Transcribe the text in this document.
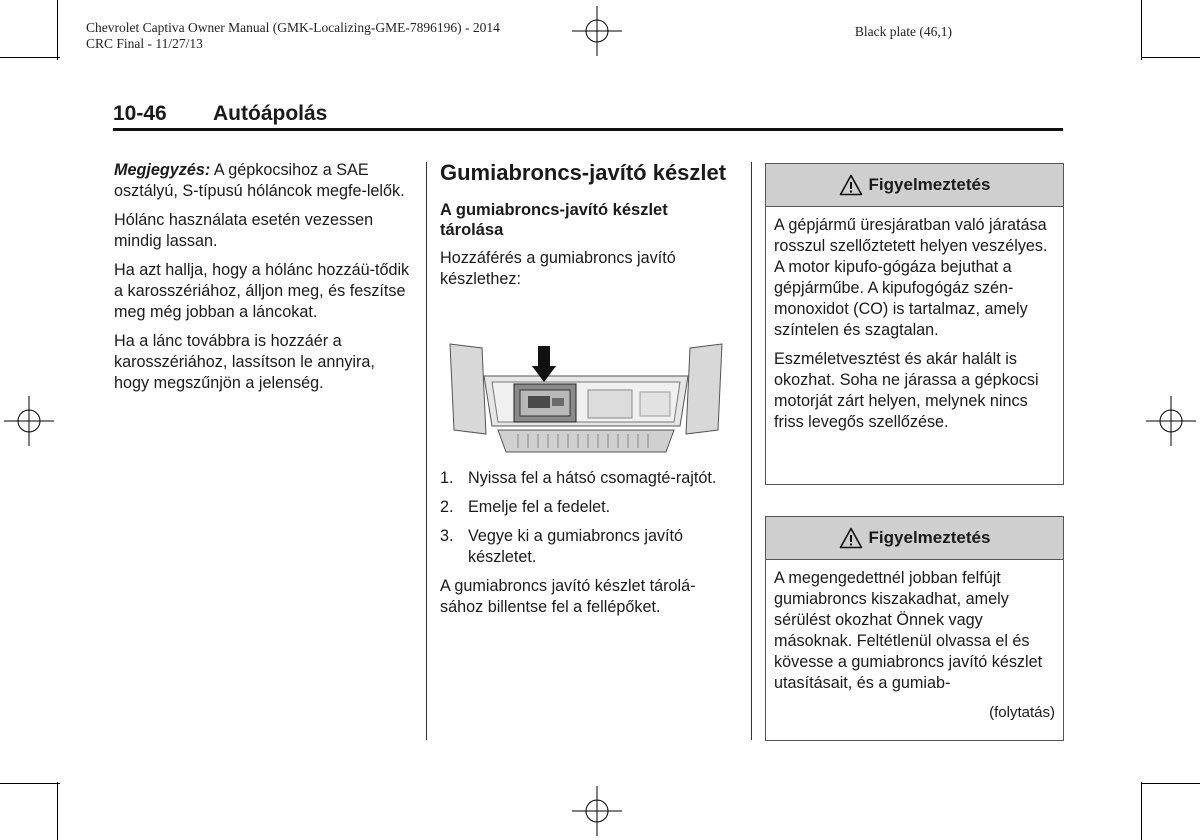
Chevrolet Captiva Owner Manual (GMK-Localizing-GME-7896196) - 2014
CRC Final - 11/27/13
Black plate (46,1)
10-46 Autóápolás

Megjegyzés: A gépkocsihoz a SAE osztályú, S-típusú hóláncok megfe-lelők.

Hólánc használata esetén vezessen mindig lassan.

Ha azt hallja, hogy a hólánc hozzáü-tődik a karosszériához, álljon meg, és feszítse meg még jobban a láncokat.

Ha a lánc továbbra is hozzáér a karosszériához, lassítson le annyira, hogy megszűnjön a jelenség.

Gumiabroncs-javító készlet
A gumiabroncs-javító készlet tárolása

Hozzáférés a gumiabroncs javító készlethez:

1. Nyissa fel a hátsó csomagté-rajtót.
2. Emelje fel a fedelet.
3. Vegye ki a gumiabroncs javító készletet.

A gumiabroncs javító készlet tárolá-sához billentse fel a fellépőket.

Figyelmeztetés

A gépjármű üresjáratban való járatása rosszul szellőztetett helyen veszélyes. A motor kipufo-gógáza bejuthat a gépjárműbe. A kipufogógáz szén-monoxidot (CO) is tartalmaz, amely színtelen és szagtalan.

Eszméletvesztést és akár halált is okozhat. Soha ne járassa a gépkocsi motorját zárt helyen, melynek nincs friss levegős szellőzése.

Figyelmeztetés

A megengedettnél jobban felfújt gumiabroncs kiszakadhat, amely sérülést okozhat Önnek vagy másoknak. Feltétlenül olvassa el és kövesse a gumiabroncs javító készlet utasításait, és a gumiab-

(folytatás)
